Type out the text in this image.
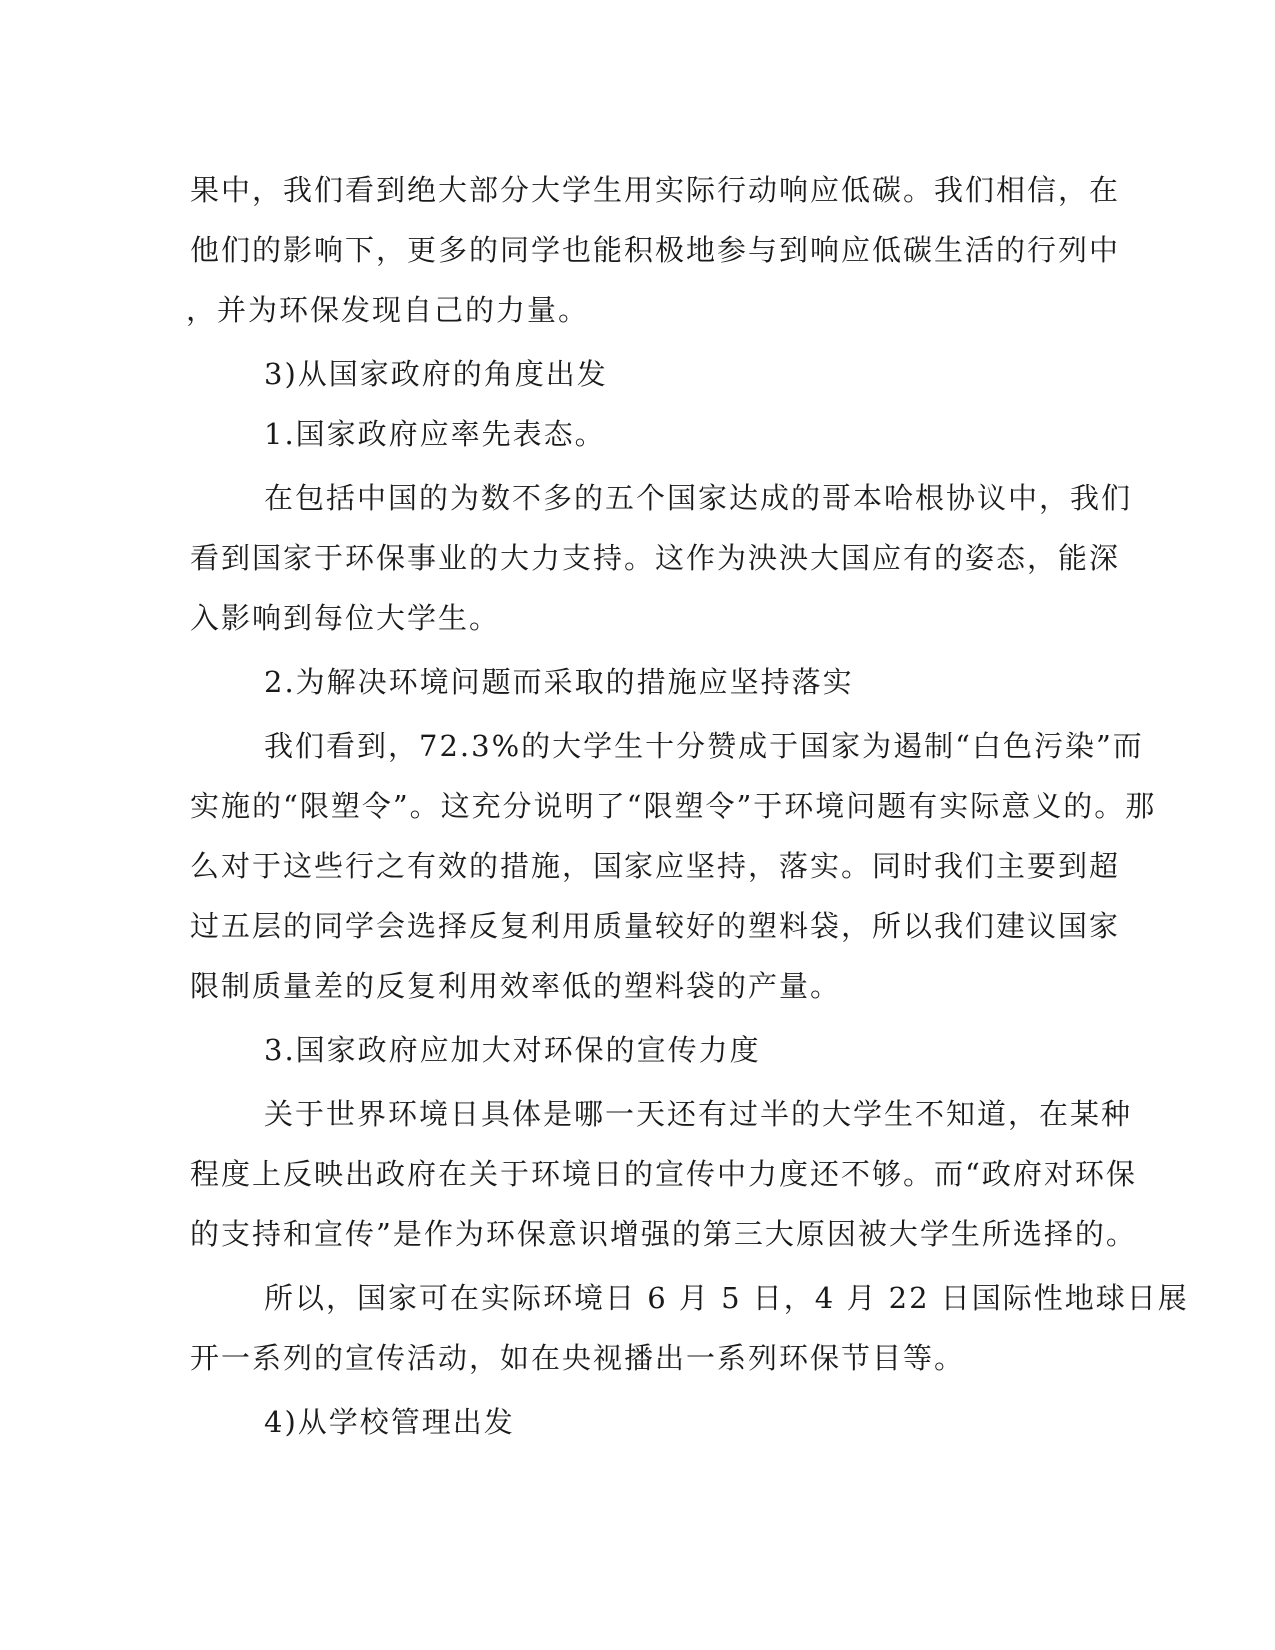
果中，我们看到绝大部分大学生用实际行动响应低碳。我们相信，在
他们的影响下，更多的同学也能积极地参与到响应低碳生活的行列中
，并为环保发现自己的力量。
3)从国家政府的角度出发
1.国家政府应率先表态。
在包括中国的为数不多的五个国家达成的哥本哈根协议中，我们
看到国家于环保事业的大力支持。这作为泱泱大国应有的姿态，能深
入影响到每位大学生。
2.为解决环境问题而采取的措施应坚持落实
我们看到，72.3%的大学生十分赞成于国家为遏制“白色污染”而
实施的“限塑令”。这充分说明了“限塑令”于环境问题有实际意义的。那
么对于这些行之有效的措施，国家应坚持，落实。同时我们主要到超
过五层的同学会选择反复利用质量较好的塑料袋，所以我们建议国家
限制质量差的反复利用效率低的塑料袋的产量。
3.国家政府应加大对环保的宣传力度
关于世界环境日具体是哪一天还有过半的大学生不知道，在某种
程度上反映出政府在关于环境日的宣传中力度还不够。而“政府对环保
的支持和宣传”是作为环保意识增强的第三大原因被大学生所选择的。
所以，国家可在实际环境日 6 月 5 日，4 月 22 日国际性地球日展
开一系列的宣传活动，如在央视播出一系列环保节目等。
4)从学校管理出发
